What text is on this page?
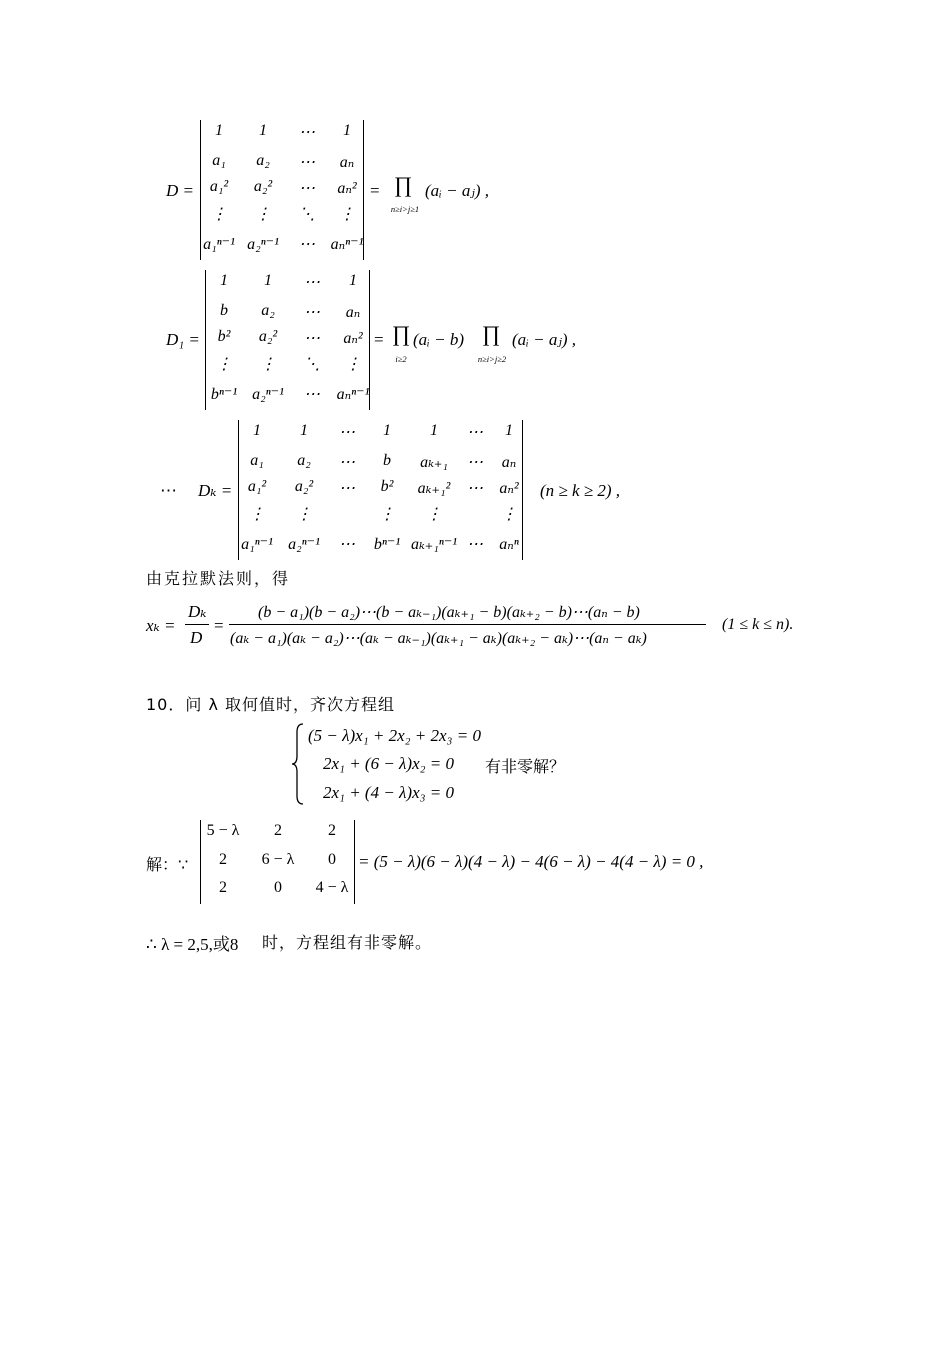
D =
1 1 ⋯ 1
a₁ a₂ ⋯ aₙ
a₁² a₂² ⋯ aₙ²
⋮ ⋮ ⋱ ⋮
a₁ⁿ⁻¹ a₂ⁿ⁻¹ ⋯ aₙⁿ⁻¹
= ∏
n≥i>j≥1
(aᵢ − aⱼ) ,
D₁ =
1 1 ⋯ 1
b a₂ ⋯ aₙ
b² a₂² ⋯ aₙ²
⋮ ⋮ ⋱ ⋮
bⁿ⁻¹ a₂ⁿ⁻¹ ⋯ aₙⁿ⁻¹
= ∏
i≥2
(aᵢ − b) ∏
n≥i>j≥2
(aᵢ − aⱼ) ,
⋯ Dₖ =
1 1 ⋯ 1 1 ⋯ 1
a₁ a₂ ⋯ b aₖ₊₁ ⋯ aₙ
a₁² a₂² ⋯ b² aₖ₊₁² ⋯ aₙ²
⋮ ⋮	⋮ ⋮	⋮
a₁ⁿ⁻¹ a₂ⁿ⁻¹ ⋯ bⁿ⁻¹ aₖ₊₁ⁿ⁻¹ ⋯ aₙⁿ
(n ≥ k ≥ 2) ,
由克拉默法则，得
xₖ =
Dₖ
D
=
(b − a₁)(b − a₂)⋯(b − aₖ₋₁)(aₖ₊₁ − b)(aₖ₊₂ − b)⋯(aₙ − b)
(aₖ − a₁)(aₖ − a₂)⋯(aₖ − aₖ₋₁)(aₖ₊₁ − aₖ)(aₖ₊₂ − aₖ)⋯(aₙ − aₖ)
(1 ≤ k ≤ n).
10．问 λ 取何值时，齐次方程组
(5 − λ)x₁ + 2x₂ + 2x₃ = 0
2x₁ + (6 − λ)x₂ = 0 有非零解？
2x₁ + (4 − λ)x₃ = 0
解：∵
5 − λ 2	2
2 6 − λ 0
2	0 4 − λ
= (5 − λ)(6 − λ)(4 − λ) − 4(6 − λ) − 4(4 − λ) = 0 ,
∴ λ = 2,5,或8 时，方程组有非零解。
